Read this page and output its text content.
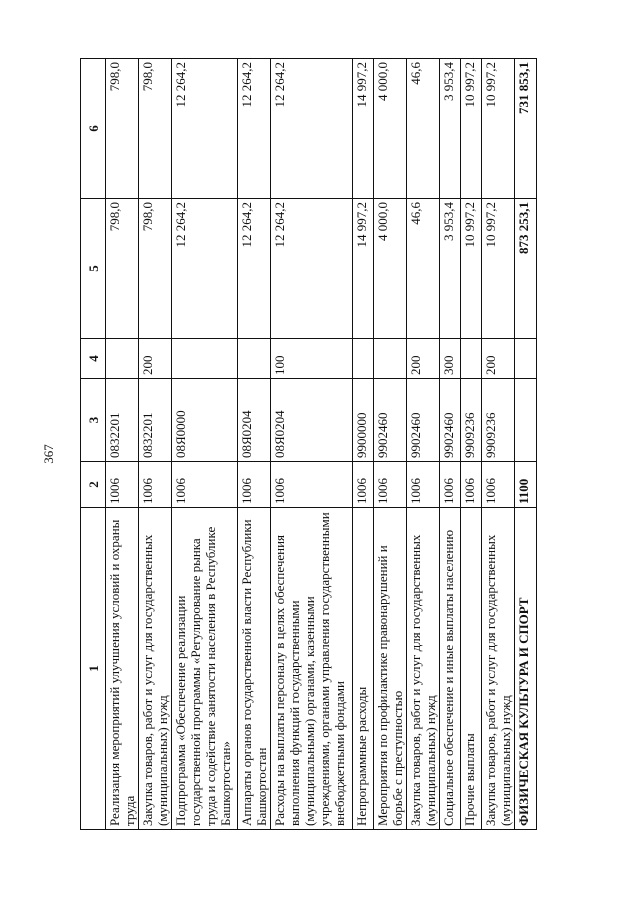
367
1	2	3	4	5	6
Реализация мероприятий улучшения условий и охраны труда	1006	0832201		798,0	798,0
Закупка товаров, работ и услуг для государственных (муниципальных) нужд	1006	0832201	200	798,0	798,0
Подпрограмма «Обеспечение реализации государственной программы «Регулирование рынка труда и содействие занятости населения в Республике Башкортостан»	1006	08Я0000		12 264,2	12 264,2
Аппараты органов государственной власти Республики Башкортостан	1006	08Я0204		12 264,2	12 264,2
Расходы на выплаты персоналу в целях обеспечения выполнения функций государственными (муниципальными) органами, казенными учреждениями, органами управления государственными внебюджетными фондами	1006	08Я0204	100	12 264,2	12 264,2
Непрограммные расходы	1006	9900000		14 997,2	14 997,2
Мероприятия по профилактике правонарушений и борьбе с преступностью	1006	9902460		4 000,0	4 000,0
Закупка товаров, работ и услуг для государственных (муниципальных) нужд	1006	9902460	200	46,6	46,6
Социальное обеспечение и иные выплаты населению	1006	9902460	300	3 953,4	3 953,4
Прочие выплаты	1006	9909236		10 997,2	10 997,2
Закупка товаров, работ и услуг для государственных (муниципальных) нужд	1006	9909236	200	10 997,2	10 997,2
ФИЗИЧЕСКАЯ КУЛЬТУРА И СПОРТ	1100			873 253,1	731 853,1
